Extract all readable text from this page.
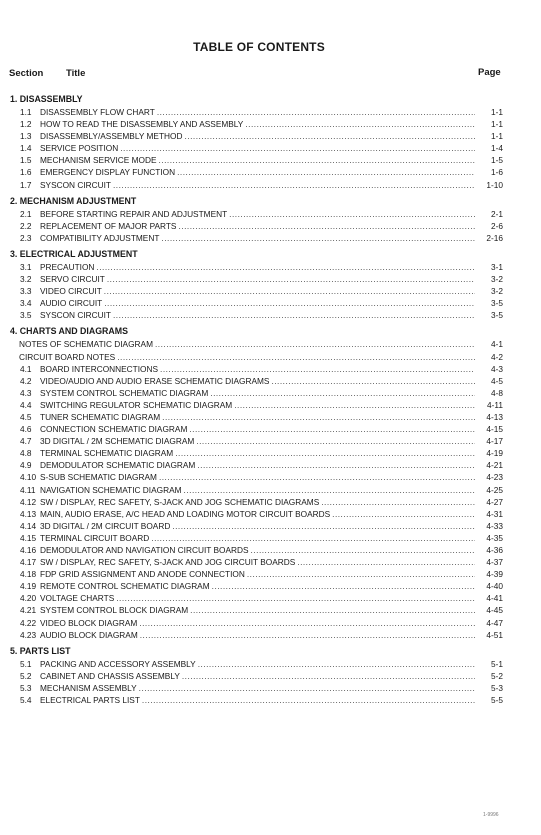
TABLE OF CONTENTS
Section Title	Page
1. DISASSEMBLY
1.1	DISASSEMBLY FLOW CHART .....	1-1
1.2	HOW TO READ THE DISASSEMBLY AND ASSEMBLY .....	1-1
1.3	DISASSEMBLY/ASSEMBLY METHOD .....	1-1
1.4	SERVICE POSITION .....	1-4
1.5	MECHANISM SERVICE MODE .....	1-5
1.6	EMERGENCY DISPLAY FUNCTION .....	1-6
1.7	SYSCON CIRCUIT .....	1-10
2. MECHANISM ADJUSTMENT
2.1	BEFORE STARTING REPAIR AND ADJUSTMENT .....	2-1
2.2	REPLACEMENT OF MAJOR PARTS .....	2-6
2.3	COMPATIBILITY ADJUSTMENT .....	2-16
3. ELECTRICAL ADJUSTMENT
3.1	PRECAUTION .....	3-1
3.2	SERVO CIRCUIT .....	3-2
3.3	VIDEO CIRCUIT .....	3-2
3.4	AUDIO CIRCUIT .....	3-5
3.5	SYSCON CIRCUIT .....	3-5
4. CHARTS AND DIAGRAMS
NOTES OF SCHEMATIC DIAGRAM .....	4-1
CIRCUIT BOARD NOTES .....	4-2
4.1	BOARD INTERCONNECTIONS .....	4-3
4.2	VIDEO/AUDIO AND AUDIO ERASE SCHEMATIC DIAGRAMS .....	4-5
4.3	SYSTEM CONTROL SCHEMATIC DIAGRAM .....	4-8
4.4	SWITCHING REGULATOR SCHEMATIC DIAGRAM .....	4-11
4.5	TUNER SCHEMATIC DIAGRAM .....	4-13
4.6	CONNECTION SCHEMATIC DIAGRAM .....	4-15
4.7	3D DIGITAL / 2M SCHEMATIC DIAGRAM .....	4-17
4.8	TERMINAL SCHEMATIC DIAGRAM .....	4-19
4.9	DEMODULATOR SCHEMATIC DIAGRAM .....	4-21
4.10 S-SUB SCHEMATIC DIAGRAM .....	4-23
4.11 NAVIGATION SCHEMATIC DIAGRAM .....	4-25
4.12 SW / DISPLAY, REC SAFETY, S-JACK AND JOG SCHEMATIC DIAGRAMS .....	4-27
4.13 MAIN, AUDIO ERASE, A/C HEAD AND LOADING MOTOR CIRCUIT BOARDS .....	4-31
4.14 3D DIGITAL / 2M CIRCUIT BOARD .....	4-33
4.15 TERMINAL CIRCUIT BOARD .....	4-35
4.16 DEMODULATOR AND NAVIGATION CIRCUIT BOARDS .....	4-36
4.17 SW / DISPLAY, REC SAFETY, S-JACK AND JOG CIRCUIT BOARDS .....	4-37
4.18 FDP GRID ASSIGNMENT AND ANODE CONNECTION .....	4-39
4.19 REMOTE CONTROL SCHEMATIC DIAGRAM .....	4-40
4.20 VOLTAGE CHARTS .....	4-41
4.21 SYSTEM CONTROL BLOCK DIAGRAM .....	4-45
4.22 VIDEO BLOCK DIAGRAM .....	4-47
4.23 AUDIO BLOCK DIAGRAM .....	4-51
5. PARTS LIST
5.1	PACKING AND ACCESSORY ASSEMBLY .....	5-1
5.2	CABINET AND CHASSIS ASSEMBLY .....	5-2
5.3	MECHANISM ASSEMBLY .....	5-3
5.4	ELECTRICAL PARTS LIST .....	5-5
1-9996
